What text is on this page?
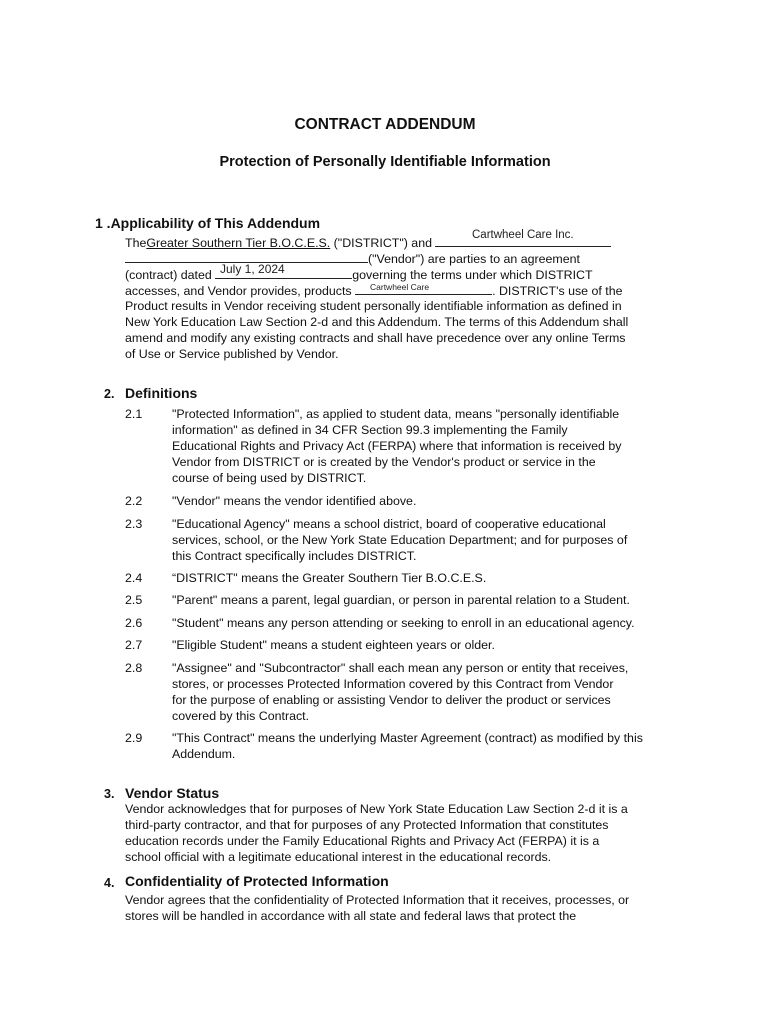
CONTRACT ADDENDUM
Protection of Personally Identifiable Information
1 .Applicability of This Addendum
TheGreater Southern Tier B.O.C.E.S. ("DISTRICT") and
Cartwheel Care Inc.
("Vendor") are parties to an agreement
(contract) dated	governing the terms under which DISTRICT
July 1, 2024
accesses, and Vendor provides, products	. DISTRICT's use of the
Cartwheel Care
Product results in Vendor receiving student personally identifiable information as defined in
New York Education Law Section 2-d and this Addendum. The terms of this Addendum shall
amend and modify any existing contracts and shall have precedence over any online Terms
of Use or Service published by Vendor.
2. Definitions
2.1 "Protected Information", as applied to student data, means "personally identifiable
information" as defined in 34 CFR Section 99.3 implementing the Family
Educational Rights and Privacy Act (FERPA) where that information is received by
Vendor from DISTRICT or is created by the Vendor's product or service in the
course of being used by DISTRICT.
2.2 "Vendor" means the vendor identified above.
2.3 "Educational Agency" means a school district, board of cooperative educational
services, school, or the New York State Education Department; and for purposes of
this Contract specifically includes DISTRICT.
2.4 “DISTRICT" means the Greater Southern Tier B.O.C.E.S.
2.5 "Parent" means a parent, legal guardian, or person in parental relation to a Student.
2.6 "Student" means any person attending or seeking to enroll in an educational agency.
2.7 "Eligible Student" means a student eighteen years or older.
2.8 "Assignee" and "Subcontractor" shall each mean any person or entity that receives,
stores, or processes Protected Information covered by this Contract from Vendor
for the purpose of enabling or assisting Vendor to deliver the product or services
covered by this Contract.
2.9 "This Contract" means the underlying Master Agreement (contract) as modified by this
Addendum.
3. Vendor Status
Vendor acknowledges that for purposes of New York State Education Law Section 2-d it is a
third-party contractor, and that for purposes of any Protected Information that constitutes
education records under the Family Educational Rights and Privacy Act (FERPA) it is a
school official with a legitimate educational interest in the educational records.
4. Confidentiality of Protected Information
Vendor agrees that the confidentiality of Protected Information that it receives, processes, or
stores will be handled in accordance with all state and federal laws that protect the
